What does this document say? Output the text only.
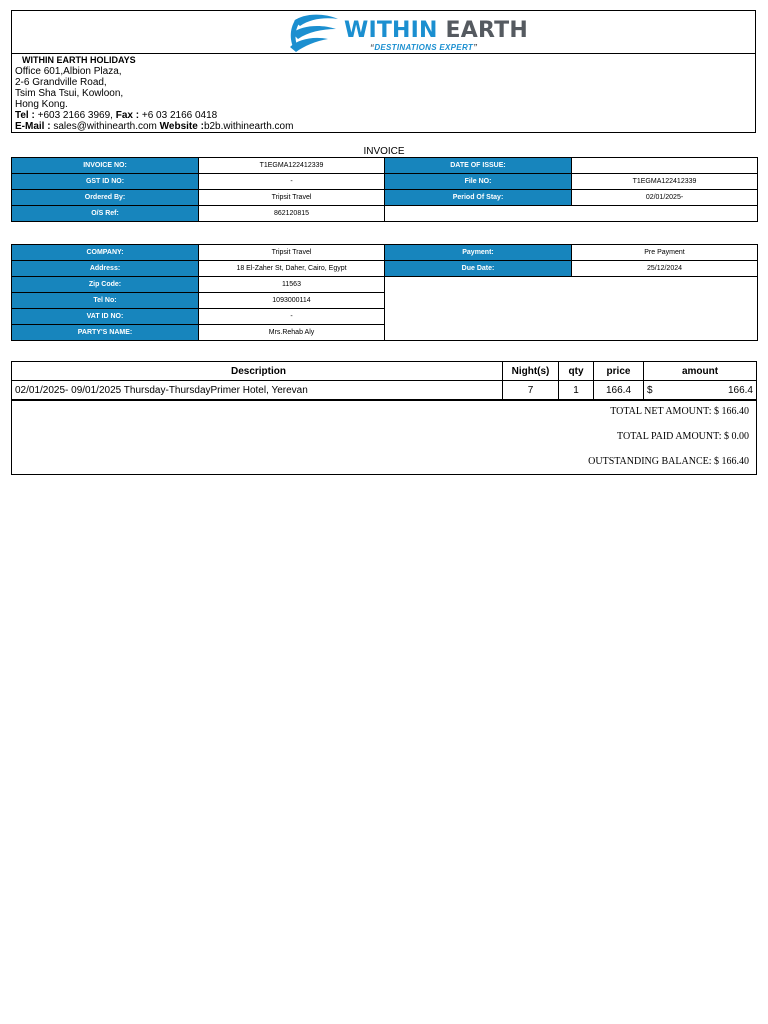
WITHIN EARTH
“DESTINATIONS EXPERT”
WITHIN EARTH HOLIDAYS
Office 601,Albion Plaza,
2-6 Grandville Road,
Tsim Sha Tsui, Kowloon,
Hong Kong.
Tel : +603 2166 3969, Fax : +6 03 2166 0418
E-Mail : sales@withinearth.com Website :b2b.withinearth.com
INVOICE
INVOICE NO:	T1EGMA122412339	DATE OF ISSUE:	
GST ID NO:	-	File NO:	T1EGMA122412339
Ordered By:	Tripsit Travel	Period Of Stay:	02/01/2025-
O/S Ref:	862120815		
COMPANY:	Tripsit Travel	Payment:	Pre Payment
Address:	18 El-Zaher St, Daher, Cairo, Egypt	Due Date:	25/12/2024
Zip Code:	11563		
Tel No:	1093000114		
VAT ID NO:	-		
PARTY'S NAME:	Mrs.Rehab Aly		
Description	Night(s)	qty	price	amount
02/01/2025- 09/01/2025 Thursday-ThursdayPrimer Hotel, Yerevan	7	1	166.4	$	166.4
TOTAL NET AMOUNT: $ 166.40
TOTAL PAID AMOUNT: $ 0.00
OUTSTANDING BALANCE: $ 166.40
